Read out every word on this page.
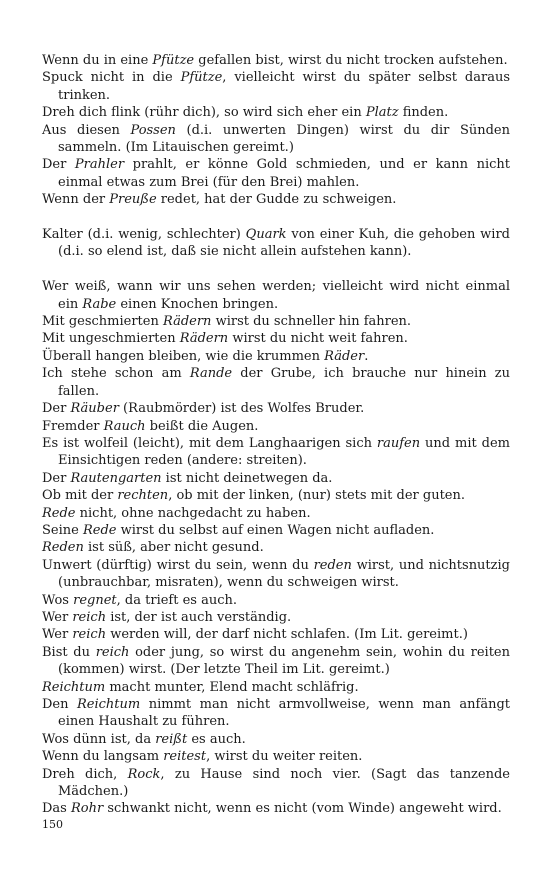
Wenn du in eine Pfütze gefallen bist, wirst du nicht trocken aufstehen.
Spuck nicht in die Pfütze, vielleicht wirst du später selbst daraus trinken.
Dreh dich flink (rühr dich), so wird sich eher ein Platz finden.
Aus diesen Possen (d.i. unwerten Dingen) wirst du dir Sünden sammeln. (Im Litauischen gereimt.)
Der Prahler prahlt, er könne Gold schmieden, und er kann nicht einmal etwas zum Brei (für den Brei) mahlen.
Wenn der Preuße redet, hat der Gudde zu schweigen.
Kalter (d.i. wenig, schlechter) Quark von einer Kuh, die gehoben wird (d.i. so elend ist, daß sie nicht allein aufstehen kann).
Wer weiß, wann wir uns sehen werden; vielleicht wird nicht einmal ein Rabe einen Knochen bringen.
Mit geschmierten Rädern wirst du schneller hin fahren.
Mit ungeschmierten Rädern wirst du nicht weit fahren.
Überall hangen bleiben, wie die krummen Räder.
Ich stehe schon am Rande der Grube, ich brauche nur hinein zu fallen.
Der Räuber (Raubmörder) ist des Wolfes Bruder.
Fremder Rauch beißt die Augen.
Es ist wolfeil (leicht), mit dem Langhaarigen sich raufen und mit dem Einsichtigen reden (andere: streiten).
Der Rautengarten ist nicht deinetwegen da.
Ob mit der rechten, ob mit der linken, (nur) stets mit der guten.
Rede nicht, ohne nachgedacht zu haben.
Seine Rede wirst du selbst auf einen Wagen nicht aufladen.
Reden ist süß, aber nicht gesund.
Unwert (dürftig) wirst du sein, wenn du reden wirst, und nichtsnutzig (unbrauchbar, misraten), wenn du schweigen wirst.
Wos regnet, da trieft es auch.
Wer reich ist, der ist auch verständig.
Wer reich werden will, der darf nicht schlafen. (Im Lit. gereimt.)
Bist du reich oder jung, so wirst du angenehm sein, wohin du reiten (kommen) wirst. (Der letzte Theil im Lit. gereimt.)
Reichtum macht munter, Elend macht schläfrig.
Den Reichtum nimmt man nicht armvollweise, wenn man anfängt einen Haushalt zu führen.
Wos dünn ist, da reißt es auch.
Wenn du langsam reitest, wirst du weiter reiten.
Dreh dich, Rock, zu Hause sind noch vier. (Sagt das tanzende Mädchen.)
Das Rohr schwankt nicht, wenn es nicht (vom Winde) angeweht wird.
150
